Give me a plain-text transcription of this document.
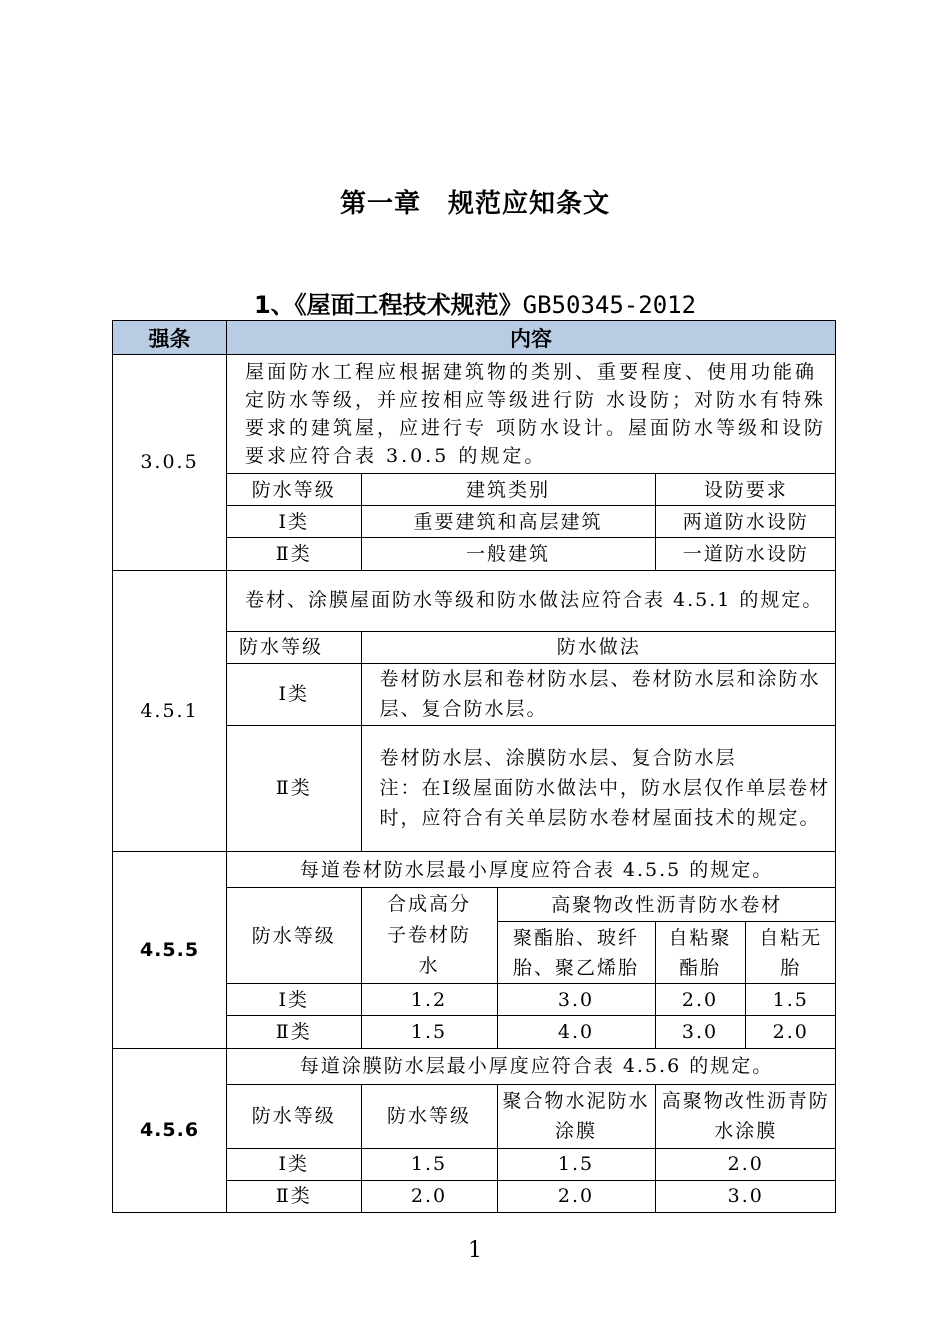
第一章　规范应知条文
1、《屋面工程技术规范》GB50345-2012
强条	内容
3.0.5	
屋面防水工程应根据建筑物的类别、重要程度、使用功能确定防水等级，并应按相应等级进行防 水设防；对防水有特殊要求的建筑屋，应进行专 项防水设计。屋面防水等级和设防要求应符合表 3.0.5 的规定。
防水等级	建筑类别	设防要求
Ⅰ类	重要建筑和高层建筑	两道防水设防
Ⅱ类	一般建筑	一道防水设防

4.5.1	
卷材、涂膜屋面防水等级和防水做法应符合表 4.5.1 的规定。
防水等级	防水做法
Ⅰ类	卷材防水层和卷材防水层、卷材防水层和涂防水层、复合防水层。
Ⅱ类	卷材防水层、涂膜防水层、复合防水层
注：在Ⅰ级屋面防水做法中，防水层仅作单层卷材时，应符合有关单层防水卷材屋面技术的规定。

4.5.5	
每道卷材防水层最小厚度应符合表 4.5.5 的规定。
防水等级	合成高分子卷材防水	高聚物改性沥青防水卷材
聚酯胎、玻纤胎、聚乙烯胎	自粘聚酯胎	自粘无胎
Ⅰ类	1.2	3.0	2.0	1.5
Ⅱ类	1.5	4.0	3.0	2.0

4.5.6	
每道涂膜防水层最小厚度应符合表 4.5.6 的规定。
防水等级	防水等级	聚合物水泥防水涂膜	高聚物改性沥青防水涂膜
Ⅰ类	1.5	1.5	2.0
Ⅱ类	2.0	2.0	3.0
1
